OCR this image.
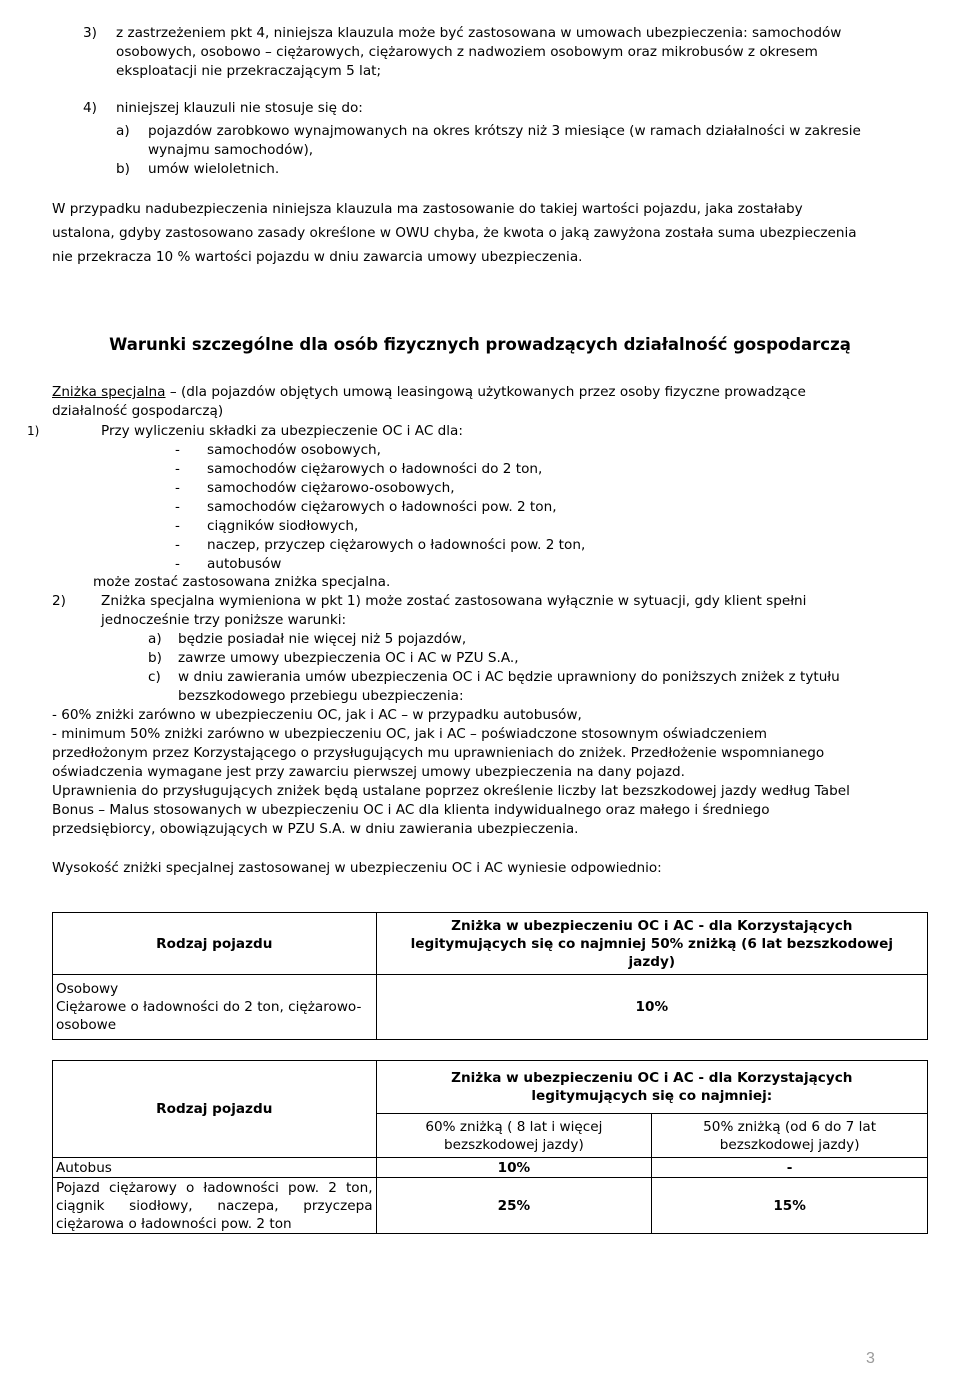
3) z zastrzeżeniem pkt 4, niniejsza klauzula może być zastosowana w umowach ubezpieczenia: samochodów
osobowych, osobowo – ciężarowych, ciężarowych z nadwoziem osobowym oraz mikrobusów z okresem
eksploatacji nie przekraczającym 5 lat;
4) niniejszej klauzuli nie stosuje się do:
a) pojazdów zarobkowo wynajmowanych na okres krótszy niż 3 miesiące (w ramach działalności w zakresie
wynajmu samochodów),
b) umów wieloletnich.
W przypadku nadubezpieczenia niniejsza klauzula ma zastosowanie do takiej wartości pojazdu, jaka zostałaby
ustalona, gdyby zastosowano zasady określone w OWU chyba, że kwota o jaką zawyżona została suma ubezpieczenia
nie przekracza 10 % wartości pojazdu w dniu zawarcia umowy ubezpieczenia.
Warunki szczególne dla osób fizycznych prowadzących działalność gospodarczą
Zniżka specjalna – (dla pojazdów objętych umową leasingową użytkowanych przez osoby fizyczne prowadzące
działalność gospodarczą)
1)	Przy wyliczeniu składki za ubezpieczenie OC i AC dla:
- samochodów osobowych,
- samochodów ciężarowych o ładowności do 2 ton,
- samochodów ciężarowo-osobowych,
- samochodów ciężarowych o ładowności pow. 2 ton,
- ciągników siodłowych,
- naczep, przyczep ciężarowych o ładowności pow. 2 ton,
- autobusów
może zostać zastosowana zniżka specjalna.
2)	Zniżka specjalna wymieniona w pkt 1) może zostać zastosowana wyłącznie w sytuacji, gdy klient spełni
jednocześnie trzy poniższe warunki:
a) będzie posiadał nie więcej niż 5 pojazdów,
b) zawrze umowy ubezpieczenia OC i AC w PZU S.A.,
c) w dniu zawierania umów ubezpieczenia OC i AC będzie uprawniony do poniższych zniżek z tytułu
bezszkodowego przebiegu ubezpieczenia:
- 60% zniżki zarówno w ubezpieczeniu OC, jak i AC – w przypadku autobusów,
- minimum 50% zniżki zarówno w ubezpieczeniu OC, jak i AC – poświadczone stosownym oświadczeniem
przedłożonym przez Korzystającego o przysługujących mu uprawnieniach do zniżek. Przedłożenie wspomnianego
oświadczenia wymagane jest przy zawarciu pierwszej umowy ubezpieczenia na dany pojazd.
Uprawnienia do przysługujących zniżek będą ustalane poprzez określenie liczby lat bezszkodowej jazdy według Tabel
Bonus – Malus stosowanych w ubezpieczeniu OC i AC dla klienta indywidualnego oraz małego i średniego
przedsiębiorcy, obowiązujących w PZU S.A. w dniu zawierania ubezpieczenia.
Wysokość zniżki specjalnej zastosowanej w ubezpieczeniu OC i AC wyniesie odpowiednio:
Rodzaj pojazdu	Zniżka w ubezpieczeniu OC i AC - dla Korzystających legitymujących się co najmniej 50% zniżką (6 lat bezszkodowej jazdy)

Osobowy
Ciężarowe o ładowności do 2 ton, ciężarowo-osobowe	10%
Rodzaj pojazdu	Zniżka w ubezpieczeniu OC i AC - dla Korzystających legitymujących się co najmniej:	
	60% zniżką ( 8 lat i więcej bezszkodowej jazdy)	50% zniżką (od 6 do 7 lat bezszkodowej jazdy)
Autobus	10%	-
Pojazd ciężarowy o ładowności pow. 2 ton, ciągnik siodłowy, naczepa, przyczepa ciężarowa o ładowności pow. 2 ton	25%	15%
3
